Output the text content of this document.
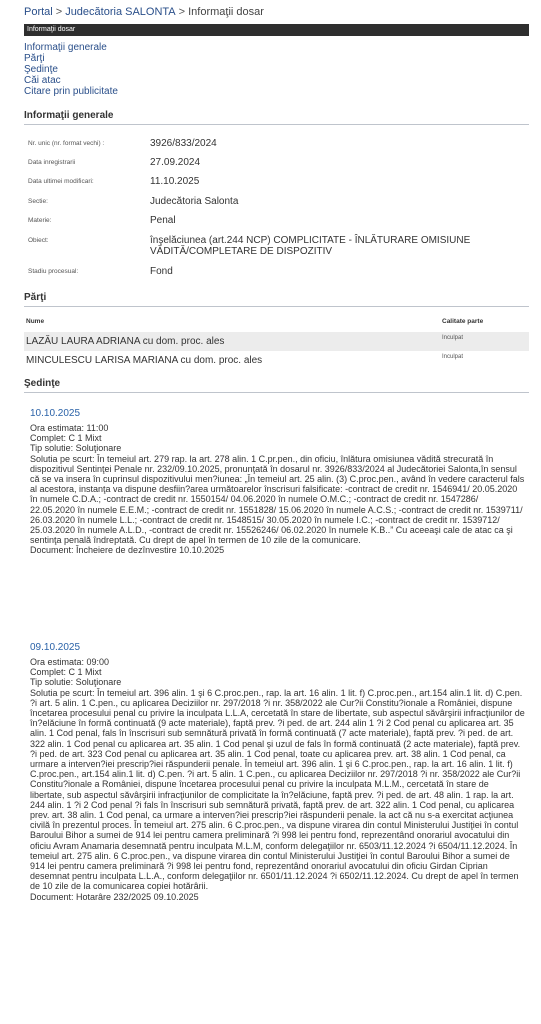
Portal > Judecătoria SALONTA > Informaţii dosar
Informaţii dosar
Informaţii generale
Părţi
Şedinţe
Căi atac
Citare prin publicitate
Informaţii generale
Nr. unic (nr. format vechi) :	3926/833/2024
Data inregistrarii	27.09.2024
Data ultimei modificari:	11.10.2025
Sectie:	Judecătoria Salonta
Materie:	Penal
Obiect:	înşelăciunea (art.244 NCP) COMPLICITATE - ÎNLĂTURARE OMISIUNE VĂDITĂ/COMPLETARE DE DISPOZITIV
Stadiu procesual:	Fond
Părţi
Nume	Calitate parte
LAZĂU LAURA ADRIANA cu dom. proc. ales	Inculpat
MINCULESCU LARISA MARIANA cu dom. proc. ales	Inculpat
Şedinţe
10.10.2025
Ora estimata: 11:00
Complet: C 1 Mixt
Tip solutie: Soluţionare
Solutia pe scurt: În temeiul art. 279 rap. la art. 278 alin. 1 C.pr.pen., din oficiu, înlătura omisiunea vădită strecurată în dispozitivul Sentinţei Penale nr. 232/09.10.2025, pronunţată în dosarul nr. 3926/833/2024 al Judecătoriei Salonta,în sensul că se va insera în cuprinsul dispozitivului men?iunea: „În temeiul art. 25 alin. (3) C.proc.pen., având în vedere caracterul fals al acestora, instanţa va dispune desfiin?area următoarelor înscrisuri falsificate: -contract de credit nr. 1546941/ 20.05.2020 în numele C.D.A.; -contract de credit nr. 1550154/ 04.06.2020 în numele O.M.C.; -contract de credit nr. 1547286/ 22.05.2020 în numele E.E.M.; -contract de credit nr. 1551828/ 15.06.2020 în numele A.C.S.; -contract de credit nr. 1539711/ 26.03.2020 în numele L.L.; -contract de credit nr. 1548515/ 30.05.2020 în numele I.C.; -contract de credit nr. 1539712/ 25.03.2020 în numele A.L.D., -contract de credit nr. 15526246/ 06.02.2020 în numele K.B..” Cu aceeaşi cale de atac ca şi sentinţa penală îndreptată. Cu drept de apel în termen de 10 zile de la comunicare.
Document: Încheiere de dezînvestire 10.10.2025
09.10.2025
Ora estimata: 09:00
Complet: C 1 Mixt
Tip solutie: Soluţionare
Solutia pe scurt: În temeiul art. 396 alin. 1 şi 6 C.proc.pen., rap. la art. 16 alin. 1 lit. f) C.proc.pen., art.154 alin.1 lit. d) C.pen. ?i art. 5 alin. 1 C.pen., cu aplicarea Deciziilor nr. 297/2018 ?i nr. 358/2022 ale Cur?ii Constitu?ionale a României, dispune încetarea procesului penal cu privire la inculpata L.L.A, cercetată în stare de libertate, sub aspectul săvârşirii infracţiunilor de în?elăciune în formă continuată (9 acte materiale), faptă prev. ?i ped. de art. 244 alin 1 ?i 2 Cod penal cu aplicarea art. 35 alin. 1 Cod penal, fals în înscrisuri sub semnătură privată în formă continuată (7 acte materiale), faptă prev. ?i ped. de art. 322 alin. 1 Cod penal cu aplicarea art. 35 alin. 1 Cod penal şi uzul de fals în formă continuată (2 acte materiale), faptă prev. ?i ped. de art. 323 Cod penal cu aplicarea art. 35 alin. 1 Cod penal, toate cu aplicarea prev. art. 38 alin. 1 Cod penal, ca urmare a interven?iei prescrip?iei răspunderii penale. În temeiul art. 396 alin. 1 şi 6 C.proc.pen., rap. la art. 16 alin. 1 lit. f) C.proc.pen., art.154 alin.1 lit. d) C.pen. ?i art. 5 alin. 1 C.pen., cu aplicarea Deciziilor nr. 297/2018 ?i nr. 358/2022 ale Cur?ii Constitu?ionale a României, dispune încetarea procesului penal cu privire la inculpata M.L.M., cercetată în stare de libertate, sub aspectul săvârşirii infracţiunilor de complicitate la în?elăciune, faptă prev. ?i ped. de art. 48 alin. 1 rap. la art. 244 alin. 1 ?i 2 Cod penal ?i fals în înscrisuri sub semnătură privată, faptă prev. de art. 322 alin. 1 Cod penal, cu aplicarea prev. art. 38 alin. 1 Cod penal, ca urmare a interven?iei prescrip?iei răspunderii penale. la act că nu s-a exercitat acţiunea civilă în prezentul proces. În temeiul art. 275 alin. 6 C.proc.pen., va dispune virarea din contul Ministerului Justiţiei în contul Baroului Bihor a sumei de 914 lei pentru camera preliminară ?i 998 lei pentru fond, reprezentând onorariul avocatului din oficiu Avram Anamaria desemnată pentru inculpata M.L.M, conform delegaţiilor nr. 6503/11.12.2024 ?i 6504/11.12.2024. În temeiul art. 275 alin. 6 C.proc.pen., va dispune virarea din contul Ministerului Justiţiei în contul Baroului Bihor a sumei de 914 lei pentru camera preliminară ?i 998 lei pentru fond, reprezentând onorariul avocatului din oficiu Girdan Ciprian desemnat pentru inculpata L.L.A., conform delegaţiilor nr. 6501/11.12.2024 ?i 6502/11.12.2024. Cu drept de apel în termen de 10 zile de la comunicarea copiei hotărârii.
Document: Hotarâre 232/2025 09.10.2025
